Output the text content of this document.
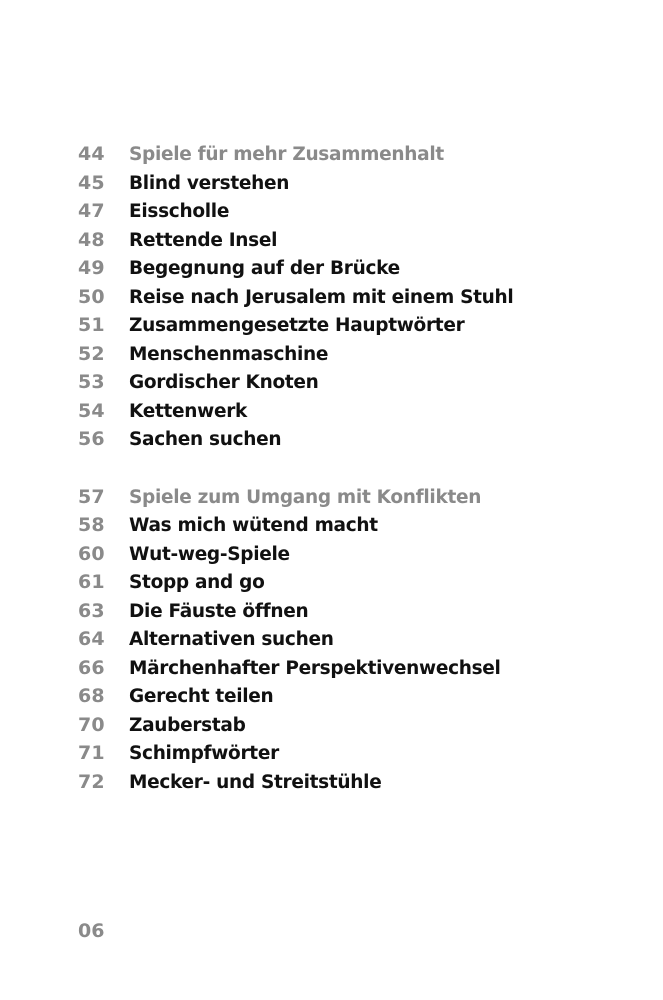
44	Spiele für mehr Zusammenhalt
45	Blind verstehen
47	Eisscholle
48	Rettende Insel
49	Begegnung auf der Brücke
50	Reise nach Jerusalem mit einem Stuhl
51	Zusammengesetzte Hauptwörter
52	Menschenmaschine
53	Gordischer Knoten
54	Kettenwerk
56	Sachen suchen
57	Spiele zum Umgang mit Konflikten
58	Was mich wütend macht
60	Wut-weg-Spiele
61	Stopp and go
63	Die Fäuste öffnen
64	Alternativen suchen
66	Märchenhafter Perspektivenwechsel
68	Gerecht teilen
70	Zauberstab
71	Schimpfwörter
72	Mecker- und Streitstühle
06
